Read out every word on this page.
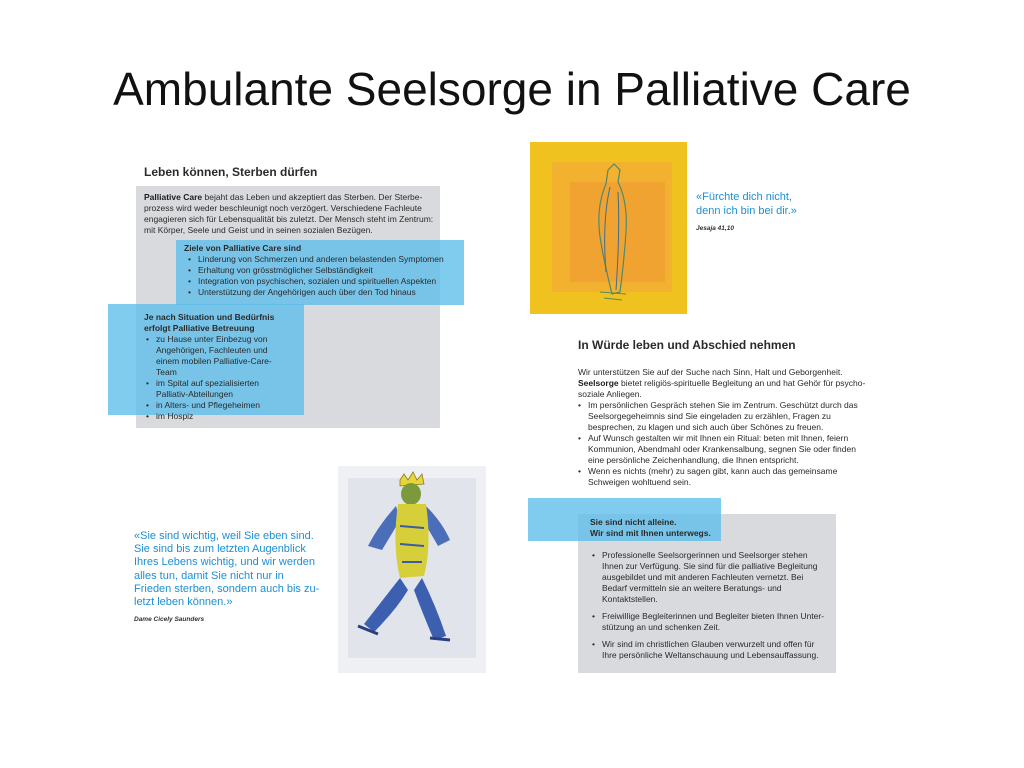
Ambulante Seelsorge in Palliative Care
Leben können, Sterben dürfen
Palliative Care bejaht das Leben und akzeptiert das Sterben. Der Sterbeprozess wird weder beschleunigt noch verzögert. Verschiedene Fachleute engagieren sich für Lebensqualität bis zuletzt. Der Mensch steht im Zentrum: mit Körper, Seele und Geist und in seinen sozialen Bezügen.
Ziele von Palliative Care sind
• Linderung von Schmerzen und anderen belastenden Symptomen
• Erhaltung von grösstmöglicher Selbständigkeit
• Integration von psychischen, sozialen und spirituellen Aspekten
• Unterstützung der Angehörigen auch über den Tod hinaus
Je nach Situation und Bedürfnis
erfolgt Palliative Betreuung
• zu Hause unter Einbezug von Angehörigen, Fachleuten und einem mobilen Palliative-Care-Team
• im Spital auf spezialisierten Palliativ-Abteilungen
• in Alters- und Pflegeheimen
• im Hospiz
«Fürchte dich nicht,
denn ich bin bei dir.»
Jesaja 41,10
In Würde leben und Abschied nehmen
Wir unterstützen Sie auf der Suche nach Sinn, Halt und Geborgenheit.
Seelsorge bietet religiös-spirituelle Begleitung an und hat Gehör für psychosoziale Anliegen.
• Im persönlichen Gespräch stehen Sie im Zentrum. Geschützt durch das Seelsorgegeheimnis sind Sie eingeladen zu erzählen, Fragen zu besprechen, zu klagen und sich auch über Schönes zu freuen.
• Auf Wunsch gestalten wir mit Ihnen ein Ritual: beten mit Ihnen, feiern Kommunion, Abendmahl oder Krankensalbung, segnen Sie oder finden eine persönliche Zeichenhandlung, die Ihnen entspricht.
• Wenn es nichts (mehr) zu sagen gibt, kann auch das gemeinsame Schweigen wohltuend sein.
Sie sind nicht alleine.
Wir sind mit Ihnen unterwegs.
• Professionelle Seelsorgerinnen und Seelsorger stehen Ihnen zur Verfügung. Sie sind für die palliative Begleitung ausgebildet und mit anderen Fachleuten vernetzt. Bei Bedarf vermitteln sie an weitere Beratungs- und Kontaktstellen.
• Freiwillige Begleiterinnen und Begleiter bieten Ihnen Unterstützung an und schenken Zeit.
• Wir sind im christlichen Glauben verwurzelt und offen für Ihre persönliche Weltanschauung und Lebensauffassung.
«Sie sind wichtig, weil Sie eben sind. Sie sind bis zum letzten Augenblick Ihres Lebens wichtig, und wir werden alles tun, damit Sie nicht nur in Frieden sterben, sondern auch bis zuletzt leben können.»
Dame Cicely Saunders
